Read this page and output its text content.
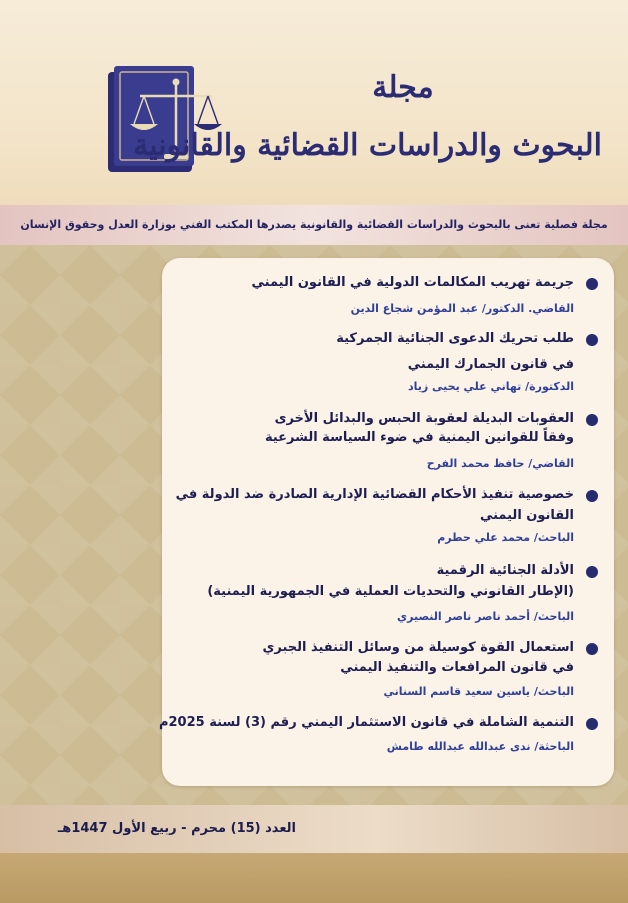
مجلة
البحوث والدراسات القضائية والقانونية
مجلة فصلية تعنى بالبحوث والدراسات القضائية والقانونية يصدرها المكتب الفني بوزارة العدل وحقوق الإنسان
جريمة تهريب المكالمات الدولية في القانون اليمني
القاضي. الدكتور/ عبد المؤمن شجاع الدين
طلب تحريك الدعوى الجنائية الجمركية
في قانون الجمارك اليمني
الدكتورة/ تهاني علي يحيى زياد
العقوبات البديلة لعقوبة الحبس والبدائل الأخرى
وفقاً للقوانين اليمنية في ضوء السياسة الشرعية
القاضي/ حافظ محمد الفرح
خصوصية تنفيذ الأحكام القضائية الإدارية الصادرة ضد الدولة في
القانون اليمني
الباحث/ محمد علي حطرم
الأدلة الجنائية الرقمية
(الإطار القانوني والتحديات العملية في الجمهورية اليمنية)
الباحث/ أحمد ناصر ناصر النصيري
استعمال القوة كوسيلة من وسائل التنفيذ الجبري
في قانون المرافعات والتنفيذ اليمني
الباحث/ ياسين سعيد قاسم السناني
التنمية الشاملة في قانون الاستثمار اليمني رقم (3) لسنة 2025م
الباحثة/ ندى عبدالله عبدالله طامش
العدد (15) محرم - ربيع الأول 1447هـ
